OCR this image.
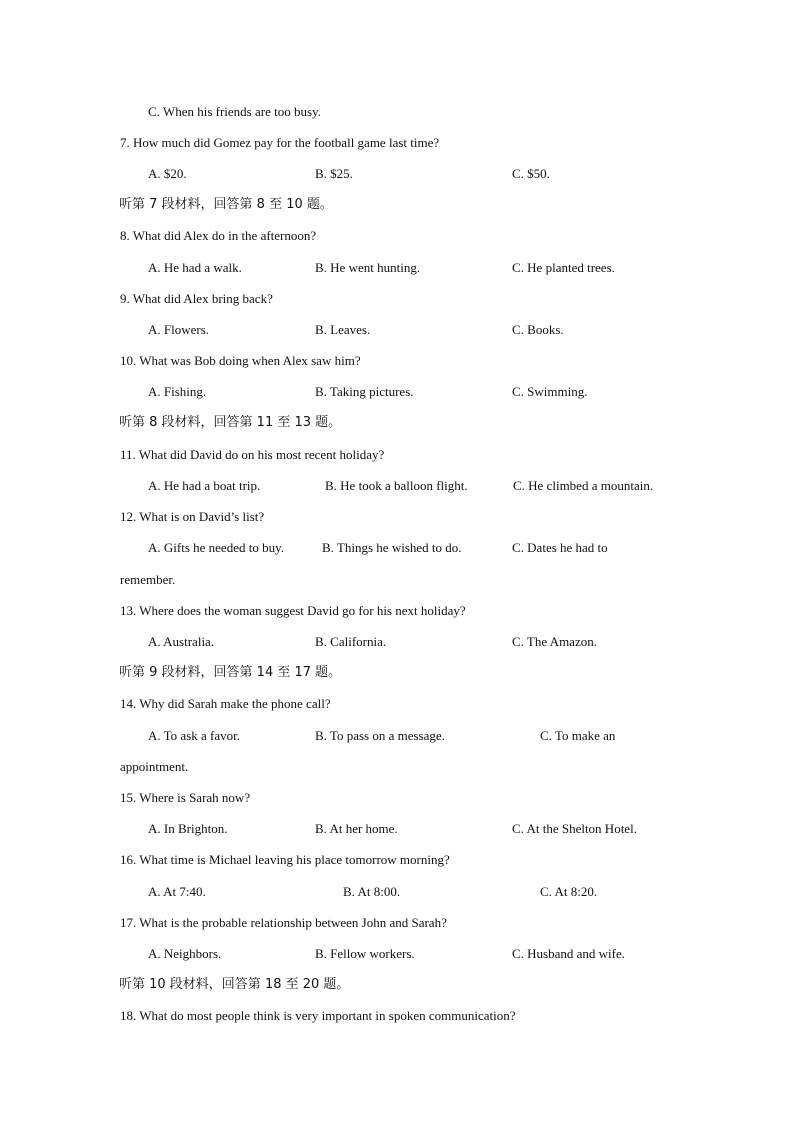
C. When his friends are too busy.
7. How much did Gomez pay for the football game last time?
A. $20.	B. $25.	C. $50.
听第 7 段材料，回答第 8 至 10 题。
8. What did Alex do in the afternoon?
A. He had a walk.	B. He went hunting.	C. He planted trees.
9. What did Alex bring back?
A. Flowers.	B. Leaves.	C. Books.
10. What was Bob doing when Alex saw him?
A. Fishing.	B. Taking pictures.	C. Swimming.
听第 8 段材料，回答第 11 至 13 题。
11. What did David do on his most recent holiday?
A. He had a boat trip.	B. He took a balloon flight.	C. He climbed a mountain.
12. What is on David’s list?
A. Gifts he needed to buy.	B. Things he wished to do.	C. Dates he had to
remember.
13. Where does the woman suggest David go for his next holiday?
A. Australia.	B. California.	C. The Amazon.
听第 9 段材料，回答第 14 至 17 题。
14. Why did Sarah make the phone call?
A. To ask a favor.	B. To pass on a message.	C. To make an
appointment.
15. Where is Sarah now?
A. In Brighton.	B. At her home.	C. At the Shelton Hotel.
16. What time is Michael leaving his place tomorrow morning?
A. At 7:40.	B. At 8:00.	C. At 8:20.
17. What is the probable relationship between John and Sarah?
A. Neighbors.	B. Fellow workers.	C. Husband and wife.
听第 10 段材料，回答第 18 至 20 题。
18. What do most people think is very important in spoken communication?
